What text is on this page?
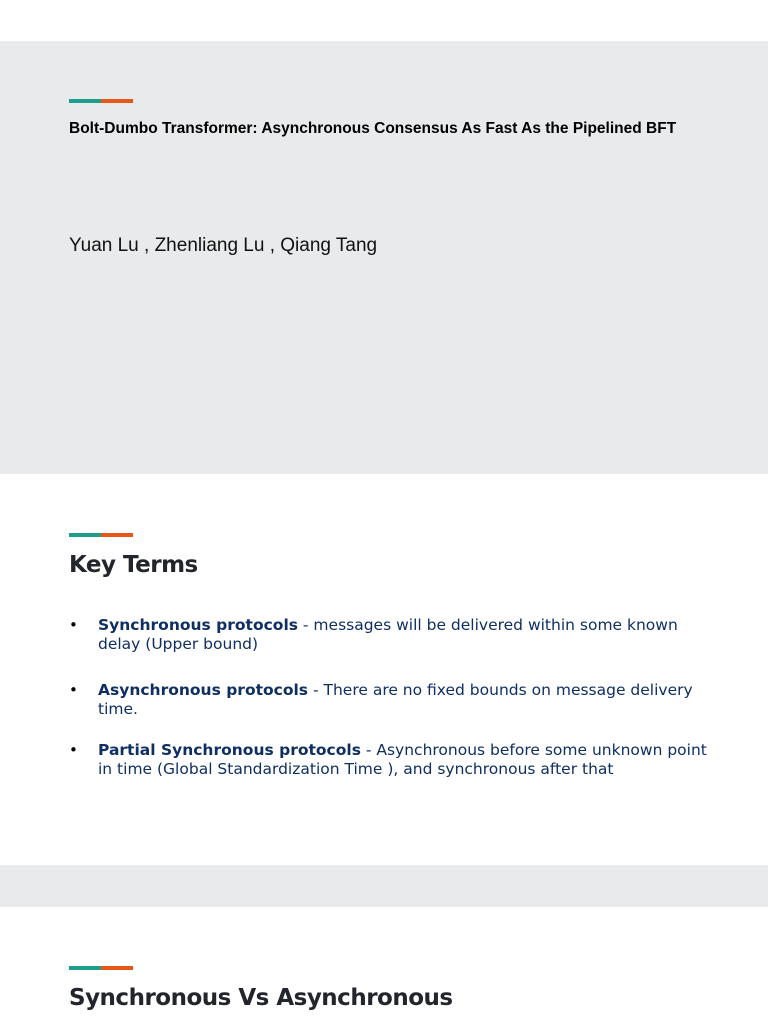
Bolt-Dumbo Transformer: Asynchronous Consensus As Fast As the Pipelined BFT
Yuan Lu , Zhenliang Lu , Qiang Tang
Key Terms
• Synchronous protocols - messages will be delivered within some known delay (Upper bound)
• Asynchronous protocols - There are no fixed bounds on message delivery time.
• Partial Synchronous protocols - Asynchronous before some unknown point in time (Global Standardization Time ), and synchronous after that
Synchronous Vs Asynchronous
